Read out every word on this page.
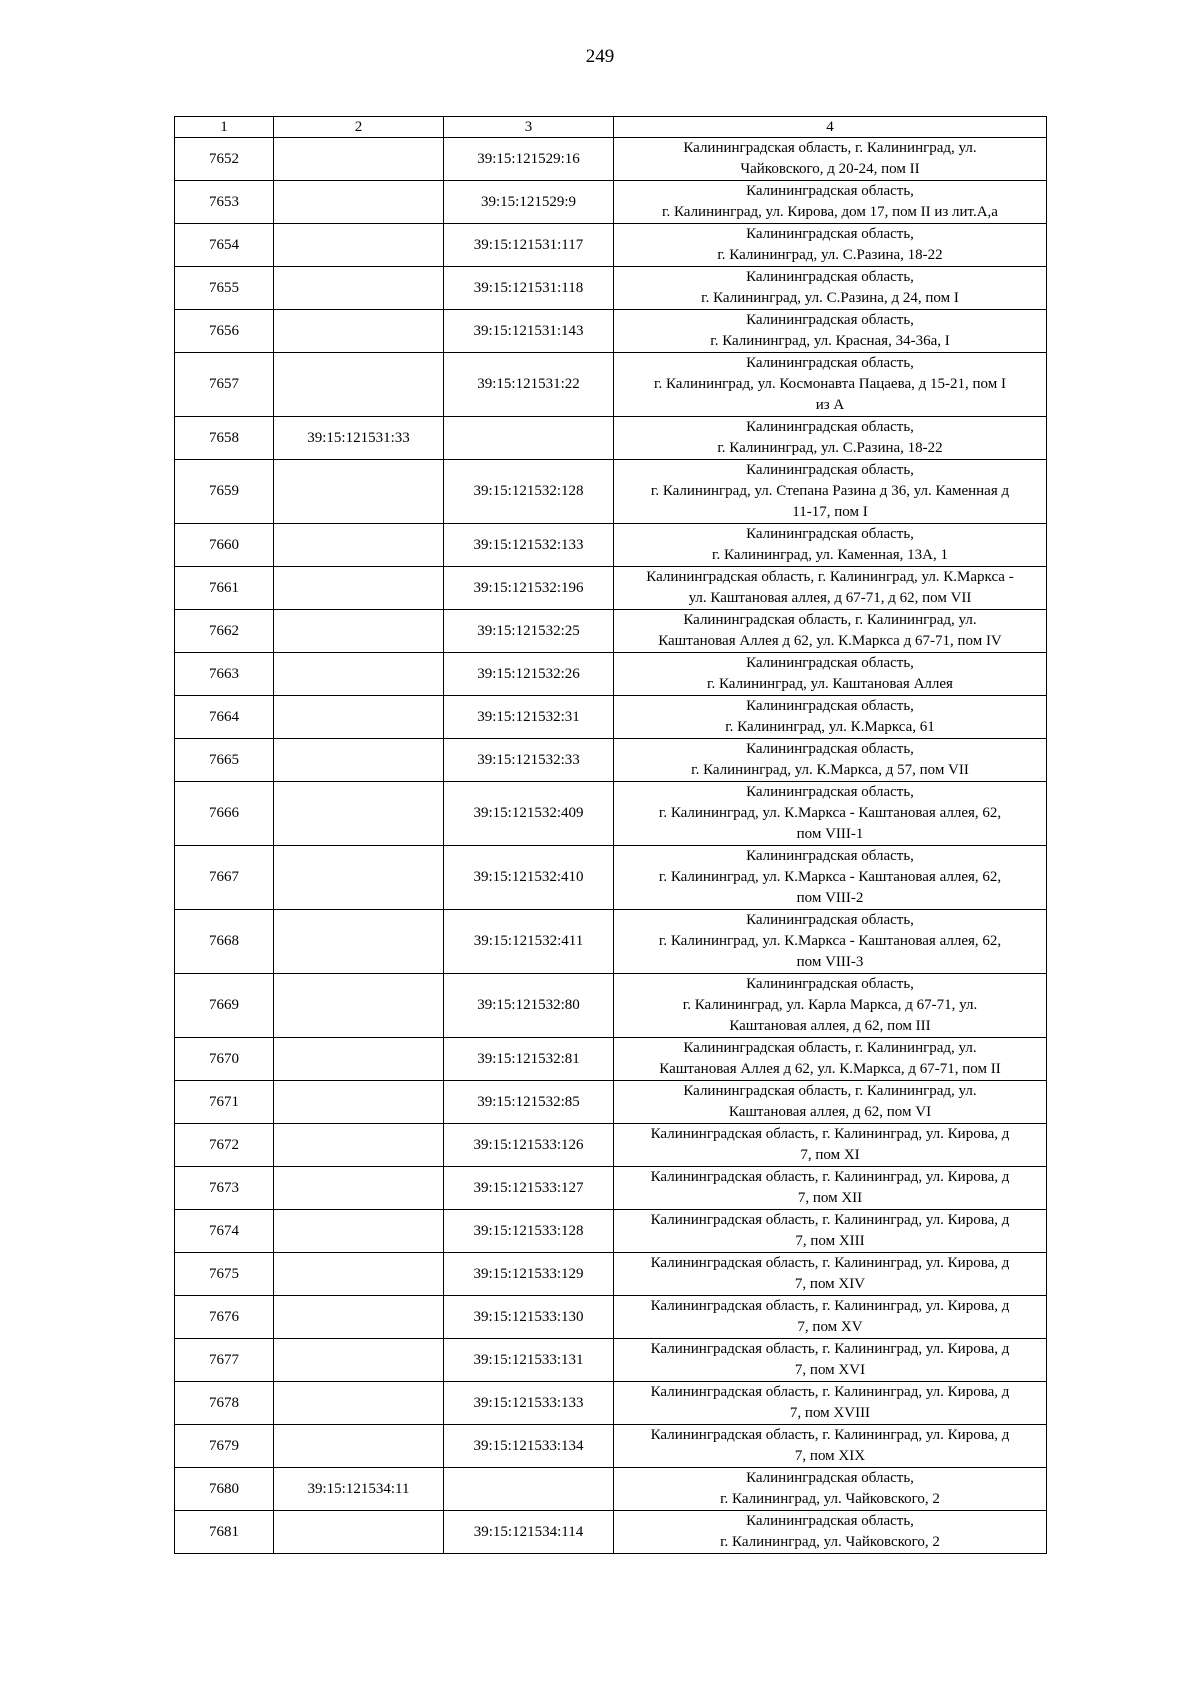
249
1	2	3	4
7652		39:15:121529:16	Калининградская область, г. Калининград, ул.
Чайковского, д 20-24, пом II
7653		39:15:121529:9	Калининградская область,
г. Калининград, ул. Кирова, дом 17, пом II из лит.А,а
7654		39:15:121531:117	Калининградская область,
г. Калининград, ул. С.Разина, 18-22
7655		39:15:121531:118	Калининградская область,
г. Калининград, ул. С.Разина, д 24, пом I
7656		39:15:121531:143	Калининградская область,
г. Калининград, ул. Красная, 34-36а, I
7657		39:15:121531:22	Калининградская область,
г. Калининград, ул. Космонавта Пацаева, д 15-21, пом I
из А
7658	39:15:121531:33		Калининградская область,
г. Калининград, ул. С.Разина, 18-22
7659		39:15:121532:128	Калининградская область,
г. Калининград, ул. Степана Разина д 36, ул. Каменная д
11-17, пом I
7660		39:15:121532:133	Калининградская область,
г. Калининград, ул. Каменная, 13А, 1
7661		39:15:121532:196	Калининградская область, г. Калининград, ул. К.Маркса -
ул. Каштановая аллея, д 67-71, д 62, пом VII
7662		39:15:121532:25	Калининградская область, г. Калининград, ул.
Каштановая Аллея д 62, ул. К.Маркса д 67-71, пом IV
7663		39:15:121532:26	Калининградская область,
г. Калининград, ул. Каштановая Аллея
7664		39:15:121532:31	Калининградская область,
г. Калининград, ул. К.Маркса, 61
7665		39:15:121532:33	Калининградская область,
г. Калининград, ул. К.Маркса, д 57, пом VII
7666		39:15:121532:409	Калининградская область,
г. Калининград, ул. К.Маркса - Каштановая аллея, 62,
пом VIII-1
7667		39:15:121532:410	Калининградская область,
г. Калининград, ул. К.Маркса - Каштановая аллея, 62,
пом VIII-2
7668		39:15:121532:411	Калининградская область,
г. Калининград, ул. К.Маркса - Каштановая аллея, 62,
пом VIII-3
7669		39:15:121532:80	Калининградская область,
г. Калининград, ул. Карла Маркса, д 67-71, ул.
Каштановая аллея, д 62, пом III
7670		39:15:121532:81	Калининградская область, г. Калининград, ул.
Каштановая Аллея д 62, ул. К.Маркса, д 67-71, пом II
7671		39:15:121532:85	Калининградская область, г. Калининград, ул.
Каштановая аллея, д 62, пом VI
7672		39:15:121533:126	Калининградская область, г. Калининград, ул. Кирова, д
7, пом XI
7673		39:15:121533:127	Калининградская область, г. Калининград, ул. Кирова, д
7, пом XII
7674		39:15:121533:128	Калининградская область, г. Калининград, ул. Кирова, д
7, пом XIII
7675		39:15:121533:129	Калининградская область, г. Калининград, ул. Кирова, д
7, пом XIV
7676		39:15:121533:130	Калининградская область, г. Калининград, ул. Кирова, д
7, пом XV
7677		39:15:121533:131	Калининградская область, г. Калининград, ул. Кирова, д
7, пом XVI
7678		39:15:121533:133	Калининградская область, г. Калининград, ул. Кирова, д
7, пом XVIII
7679		39:15:121533:134	Калининградская область, г. Калининград, ул. Кирова, д
7, пом XIX
7680	39:15:121534:11		Калининградская область,
г. Калининград, ул. Чайковского, 2
7681		39:15:121534:114	Калининградская область,
г. Калининград, ул. Чайковского, 2
